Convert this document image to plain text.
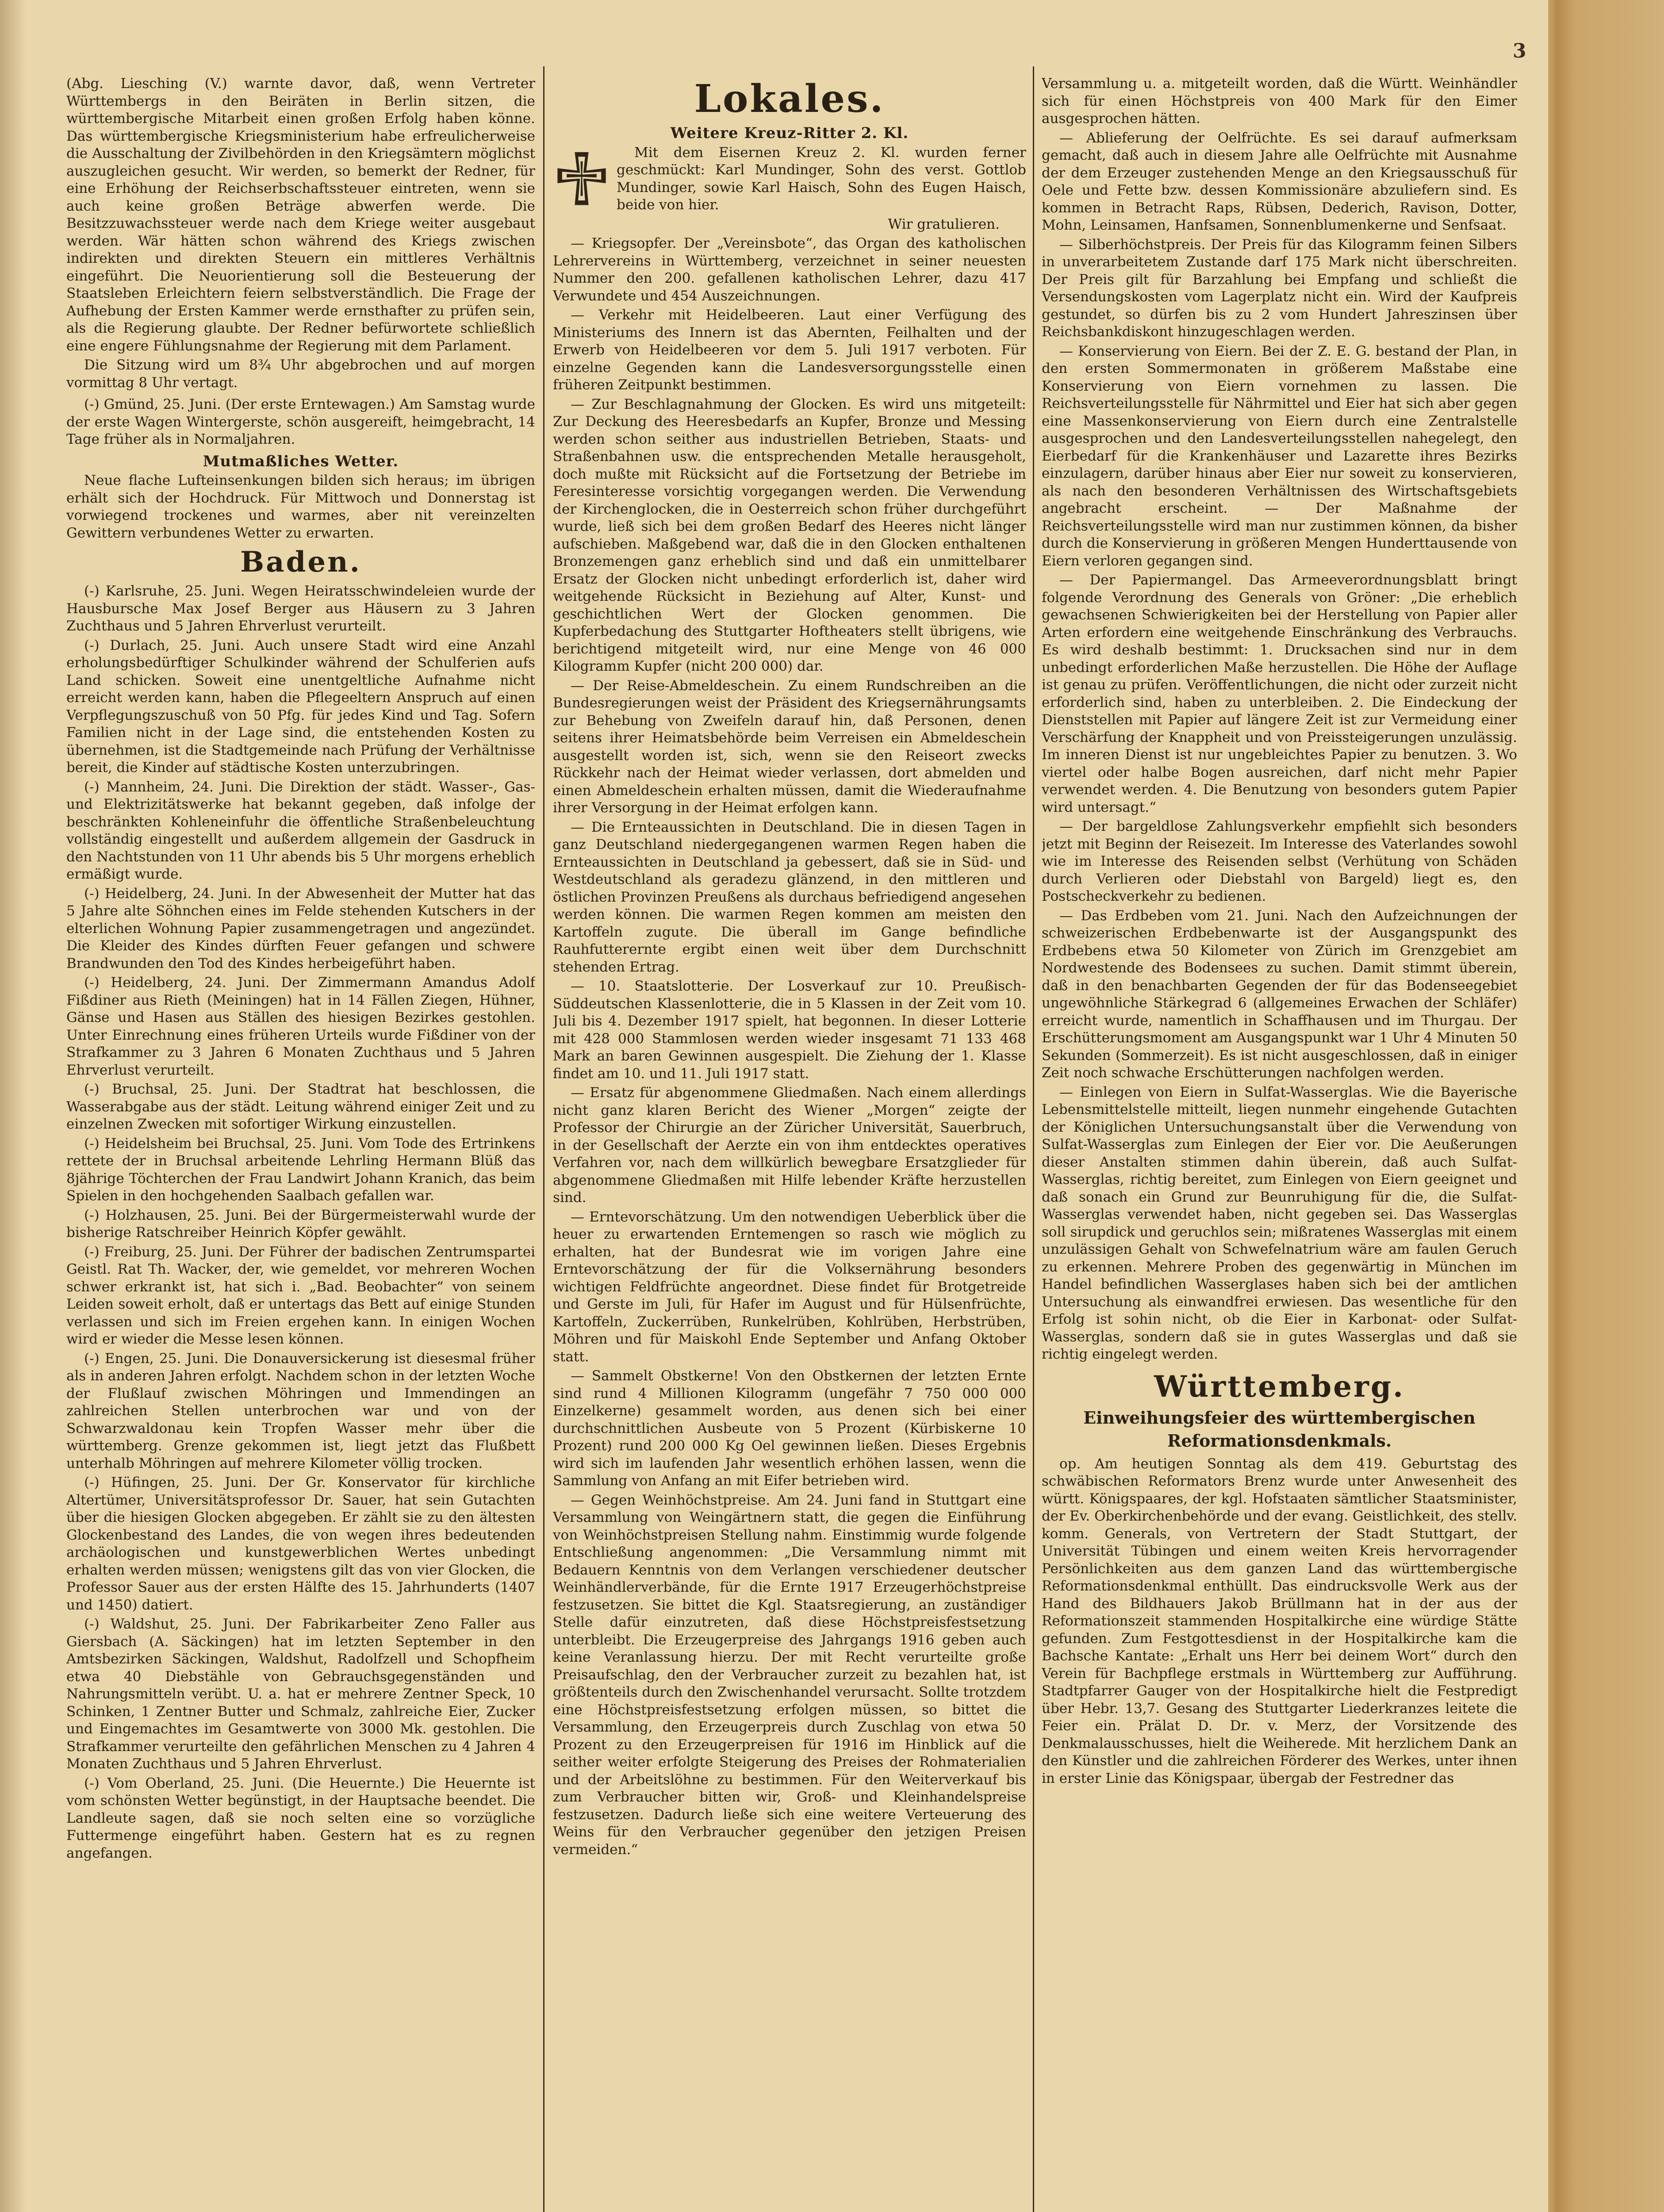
3

(Abg. Liesching (V.) warnte davor, daß, wenn Vertreter Württembergs in den Beiräten in Berlin sitzen, die württembergische Mitarbeit einen großen Erfolg haben könne. Das württembergische Kriegsministerium habe erfreulicherweise die Ausschaltung der Zivilbehörden in den Kriegsämtern möglichst auszugleichen gesucht. Wir werden, so bemerkt der Redner, für eine Erhöhung der Reichserbschaftssteuer eintreten, wenn sie auch keine großen Beträge abwerfen werde. Die Besitzzuwachssteuer werde nach dem Kriege weiter ausgebaut werden. Wär hätten schon während des Kriegs zwischen indirekten und direkten Steuern ein mittleres Verhältnis eingeführt. Die Neuorientierung soll die Besteuerung der Staatsleben Erleichtern feiern selbstverständlich. Die Frage der Aufhebung der Ersten Kammer werde ernsthafter zu prüfen sein, als die Regierung glaubte. Der Redner befürwortete schließlich eine engere Fühlungsnahme der Regierung mit dem Parlament.

Die Sitzung wird um 8¾ Uhr abgebrochen und auf morgen vormittag 8 Uhr vertagt.

(-) Gmünd, 25. Juni. (Der erste Erntewagen.) Am Samstag wurde der erste Wagen Wintergerste, schön ausgereift, heimgebracht, 14 Tage früher als in Normaljahren.

Mutmaßliches Wetter.

Neue flache Lufteinsenkungen bilden sich heraus; im übrigen erhält sich der Hochdruck. Für Mittwoch und Donnerstag ist vorwiegend trockenes und warmes, aber nit vereinzelten Gewittern verbundenes Wetter zu erwarten.

Baden.

(-) Karlsruhe, 25. Juni. Wegen Heiratsschwindeleien wurde der Hausbursche Max Josef Berger aus Häusern zu 3 Jahren Zuchthaus und 5 Jahren Ehrverlust verurteilt.

(-) Durlach, 25. Juni. Auch unsere Stadt wird eine Anzahl erholungsbedürftiger Schulkinder während der Schulferien aufs Land schicken. Soweit eine unentgeltliche Aufnahme nicht erreicht werden kann, haben die Pflegeeltern Anspruch auf einen Verpflegungszuschuß von 50 Pfg. für jedes Kind und Tag. Sofern Familien nicht in der Lage sind, die entstehenden Kosten zu übernehmen, ist die Stadtgemeinde nach Prüfung der Verhältnisse bereit, die Kinder auf städtische Kosten unterzubringen.

(-) Mannheim, 24. Juni. Die Direktion der städt. Wasser-, Gas- und Elektrizitätswerke hat bekannt gegeben, daß infolge der beschränkten Kohleneinfuhr die öffentliche Straßenbeleuchtung vollständig eingestellt und außerdem allgemein der Gasdruck in den Nachtstunden von 11 Uhr abends bis 5 Uhr morgens erheblich ermäßigt wurde.

(-) Heidelberg, 24. Juni. In der Abwesenheit der Mutter hat das 5 Jahre alte Söhnchen eines im Felde stehenden Kutschers in der elterlichen Wohnung Papier zusammengetragen und angezündet. Die Kleider des Kindes dürften Feuer gefangen und schwere Brandwunden den Tod des Kindes herbeigeführt haben.

(-) Heidelberg, 24. Juni. Der Zimmermann Amandus Adolf Fißdiner aus Rieth (Meiningen) hat in 14 Fällen Ziegen, Hühner, Gänse und Hasen aus Ställen des hiesigen Bezirkes gestohlen. Unter Einrechnung eines früheren Urteils wurde Fißdiner von der Strafkammer zu 3 Jahren 6 Monaten Zuchthaus und 5 Jahren Ehrverlust verurteilt.

(-) Bruchsal, 25. Juni. Der Stadtrat hat beschlossen, die Wasserabgabe aus der städt. Leitung während einiger Zeit und zu einzelnen Zwecken mit sofortiger Wirkung einzustellen.

(-) Heidelsheim bei Bruchsal, 25. Juni. Vom Tode des Ertrinkens rettete der in Bruchsal arbeitende Lehrling Hermann Blüß das 8jährige Töchterchen der Frau Landwirt Johann Kranich, das beim Spielen in den hochgehenden Saalbach gefallen war.

(-) Holzhausen, 25. Juni. Bei der Bürgermeisterwahl wurde der bisherige Ratschreiber Heinrich Köpfer gewählt.

(-) Freiburg, 25. Juni. Der Führer der badischen Zentrumspartei Geistl. Rat Th. Wacker, der, wie gemeldet, vor mehreren Wochen schwer erkrankt ist, hat sich i. „Bad. Beobachter“ von seinem Leiden soweit erholt, daß er untertags das Bett auf einige Stunden verlassen und sich im Freien ergehen kann. In einigen Wochen wird er wieder die Messe lesen können.

(-) Engen, 25. Juni. Die Donauversickerung ist diesesmal früher als in anderen Jahren erfolgt. Nachdem schon in der letzten Woche der Flußlauf zwischen Möhringen und Immendingen an zahlreichen Stellen unterbrochen war und von der Schwarzwaldonau kein Tropfen Wasser mehr über die württemberg. Grenze gekommen ist, liegt jetzt das Flußbett unterhalb Möhringen auf mehrere Kilometer völlig trocken.

(-) Hüfingen, 25. Juni. Der Gr. Konservator für kirchliche Altertümer, Universitätsprofessor Dr. Sauer, hat sein Gutachten über die hiesigen Glocken abgegeben. Er zählt sie zu den ältesten Glockenbestand des Landes, die von wegen ihres bedeutenden archäologischen und kunstgewerblichen Wertes unbedingt erhalten werden müssen; wenigstens gilt das von vier Glocken, die Professor Sauer aus der ersten Hälfte des 15. Jahrhunderts (1407 und 1450) datiert.

(-) Waldshut, 25. Juni. Der Fabrikarbeiter Zeno Faller aus Giersbach (A. Säckingen) hat im letzten September in den Amtsbezirken Säckingen, Waldshut, Radolfzell und Schopfheim etwa 40 Diebstähle von Gebrauchsgegenständen und Nahrungsmitteln verübt. U. a. hat er mehrere Zentner Speck, 10 Schinken, 1 Zentner Butter und Schmalz, zahlreiche Eier, Zucker und Eingemachtes im Gesamtwerte von 3000 Mk. gestohlen. Die Strafkammer verurteilte den gefährlichen Menschen zu 4 Jahren 4 Monaten Zuchthaus und 5 Jahren Ehrverlust.

(-) Vom Oberland, 25. Juni. (Die Heuernte.) Die Heuernte ist vom schönsten Wetter begünstigt, in der Hauptsache beendet. Die Landleute sagen, daß sie noch selten eine so vorzügliche Futtermenge eingeführt haben. Gestern hat es zu regnen angefangen.

Lokales.

Weitere Kreuz-Ritter 2. Kl.

Mit dem Eisernen Kreuz 2. Kl. wurden ferner geschmückt: Karl Mundinger, Sohn des verst. Gottlob Mundinger, sowie Karl Haisch, Sohn des Eugen Haisch, beide von hier.

Wir gratulieren.

— Kriegsopfer. Der „Vereinsbote“, das Organ des katholischen Lehrervereins in Württemberg, verzeichnet in seiner neuesten Nummer den 200. gefallenen katholischen Lehrer, dazu 417 Verwundete und 454 Auszeichnungen.

— Verkehr mit Heidelbeeren. Laut einer Verfügung des Ministeriums des Innern ist das Abernten, Feilhalten und der Erwerb von Heidelbeeren vor dem 5. Juli 1917 verboten. Für einzelne Gegenden kann die Landesversorgungsstelle einen früheren Zeitpunkt bestimmen.

— Zur Beschlagnahmung der Glocken. Es wird uns mitgeteilt: Zur Deckung des Heeresbedarfs an Kupfer, Bronze und Messing werden schon seither aus industriellen Betrieben, Staats- und Straßenbahnen usw. die entsprechenden Metalle herausgeholt, doch mußte mit Rücksicht auf die Fortsetzung der Betriebe im Feresinteresse vorsichtig vorgegangen werden. Die Verwendung der Kirchenglocken, die in Oesterreich schon früher durchgeführt wurde, ließ sich bei dem großen Bedarf des Heeres nicht länger aufschieben. Maßgebend war, daß die in den Glocken enthaltenen Bronzemengen ganz erheblich sind und daß ein unmittelbarer Ersatz der Glocken nicht unbedingt erforderlich ist, daher wird weitgehende Rücksicht in Beziehung auf Alter, Kunst- und geschichtlichen Wert der Glocken genommen. Die Kupferbedachung des Stuttgarter Hoftheaters stellt übrigens, wie berichtigend mitgeteilt wird, nur eine Menge von 46 000 Kilogramm Kupfer (nicht 200 000) dar.

— Der Reise-Abmeldeschein. Zu einem Rundschreiben an die Bundesregierungen weist der Präsident des Kriegsernährungsamts zur Behebung von Zweifeln darauf hin, daß Personen, denen seitens ihrer Heimatsbehörde beim Verreisen ein Abmeldeschein ausgestellt worden ist, sich, wenn sie den Reiseort zwecks Rückkehr nach der Heimat wieder verlassen, dort abmelden und einen Abmeldeschein erhalten müssen, damit die Wiederaufnahme ihrer Versorgung in der Heimat erfolgen kann.

— Die Ernteaussichten in Deutschland. Die in diesen Tagen in ganz Deutschland niedergegangenen warmen Regen haben die Ernteaussichten in Deutschland ja gebessert, daß sie in Süd- und Westdeutschland als geradezu glänzend, in den mittleren und östlichen Provinzen Preußens als durchaus befriedigend angesehen werden können. Die warmen Regen kommen am meisten den Kartoffeln zugute. Die überall im Gange befindliche Rauhfutterernte ergibt einen weit über dem Durchschnitt stehenden Ertrag.

— 10. Staatslotterie. Der Losverkauf zur 10. Preußisch-Süddeutschen Klassenlotterie, die in 5 Klassen in der Zeit vom 10. Juli bis 4. Dezember 1917 spielt, hat begonnen. In dieser Lotterie mit 428 000 Stammlosen werden wieder insgesamt 71 133 468 Mark an baren Gewinnen ausgespielt. Die Ziehung der 1. Klasse findet am 10. und 11. Juli 1917 statt.

— Ersatz für abgenommene Gliedmaßen. Nach einem allerdings nicht ganz klaren Bericht des Wiener „Morgen“ zeigte der Professor der Chirurgie an der Züricher Universität, Sauerbruch, in der Gesellschaft der Aerzte ein von ihm entdecktes operatives Verfahren vor, nach dem willkürlich bewegbare Ersatzglieder für abgenommene Gliedmaßen mit Hilfe lebender Kräfte herzustellen sind.

— Erntevorschätzung. Um den notwendigen Ueberblick über die heuer zu erwartenden Erntemengen so rasch wie möglich zu erhalten, hat der Bundesrat wie im vorigen Jahre eine Erntevorschätzung der für die Volksernährung besonders wichtigen Feldfrüchte angeordnet. Diese findet für Brotgetreide und Gerste im Juli, für Hafer im August und für Hülsenfrüchte, Kartoffeln, Zuckerrüben, Runkelrüben, Kohlrüben, Herbstrüben, Möhren und für Maiskohl Ende September und Anfang Oktober statt.

— Sammelt Obstkerne! Von den Obstkernen der letzten Ernte sind rund 4 Millionen Kilogramm (ungefähr 7 750 000 000 Einzelkerne) gesammelt worden, aus denen sich bei einer durchschnittlichen Ausbeute von 5 Prozent (Kürbiskerne 10 Prozent) rund 200 000 Kg Oel gewinnen ließen. Dieses Ergebnis wird sich im laufenden Jahr wesentlich erhöhen lassen, wenn die Sammlung von Anfang an mit Eifer betrieben wird.

— Gegen Weinhöchstpreise. Am 24. Juni fand in Stuttgart eine Versammlung von Weingärtnern statt, die gegen die Einführung von Weinhöchstpreisen Stellung nahm. Einstimmig wurde folgende Entschließung angenommen: „Die Versammlung nimmt mit Bedauern Kenntnis von dem Verlangen verschiedener deutscher Weinhändlerverbände, für die Ernte 1917 Erzeugerhöchstpreise festzusetzen. Sie bittet die Kgl. Staatsregierung, an zuständiger Stelle dafür einzutreten, daß diese Höchstpreisfestsetzung unterbleibt. Die Erzeugerpreise des Jahrgangs 1916 geben auch keine Veranlassung hierzu. Der mit Recht verurteilte große Preisaufschlag, den der Verbraucher zurzeit zu bezahlen hat, ist größtenteils durch den Zwischenhandel verursacht. Sollte trotzdem eine Höchstpreisfestsetzung erfolgen müssen, so bittet die Versammlung, den Erzeugerpreis durch Zuschlag von etwa 50 Prozent zu den Erzeugerpreisen für 1916 im Hinblick auf die seither weiter erfolgte Steigerung des Preises der Rohmaterialien und der Arbeitslöhne zu bestimmen. Für den Weiterverkauf bis zum Verbraucher bitten wir, Groß- und Kleinhandelspreise festzusetzen. Dadurch ließe sich eine weitere Verteuerung des Weins für den Verbraucher gegenüber den jetzigen Preisen vermeiden.“

Versammlung u. a. mitgeteilt worden, daß die Württ. Weinhändler sich für einen Höchstpreis von 400 Mark für den Eimer ausgesprochen hätten.

— Ablieferung der Oelfrüchte. Es sei darauf aufmerksam gemacht, daß auch in diesem Jahre alle Oelfrüchte mit Ausnahme der dem Erzeuger zustehenden Menge an den Kriegsausschuß für Oele und Fette bzw. dessen Kommissionäre abzuliefern sind. Es kommen in Betracht Raps, Rübsen, Dederich, Ravison, Dotter, Mohn, Leinsamen, Hanfsamen, Sonnenblumenkerne und Senfsaat.

— Silberhöchstpreis. Der Preis für das Kilogramm feinen Silbers in unverarbeitetem Zustande darf 175 Mark nicht überschreiten. Der Preis gilt für Barzahlung bei Empfang und schließt die Versendungskosten vom Lagerplatz nicht ein. Wird der Kaufpreis gestundet, so dürfen bis zu 2 vom Hundert Jahreszinsen über Reichsbankdiskont hinzugeschlagen werden.

— Konservierung von Eiern. Bei der Z. E. G. bestand der Plan, in den ersten Sommermonaten in größerem Maßstabe eine Konservierung von Eiern vornehmen zu lassen. Die Reichsverteilungsstelle für Nährmittel und Eier hat sich aber gegen eine Massenkonservierung von Eiern durch eine Zentralstelle ausgesprochen und den Landesverteilungsstellen nahegelegt, den Eierbedarf für die Krankenhäuser und Lazarette ihres Bezirks einzulagern, darüber hinaus aber Eier nur soweit zu konservieren, als nach den besonderen Verhältnissen des Wirtschaftsgebiets angebracht erscheint. — Der Maßnahme der Reichsverteilungsstelle wird man nur zustimmen können, da bisher durch die Konservierung in größeren Mengen Hunderttausende von Eiern verloren gegangen sind.

— Der Papiermangel. Das Armeeverordnungsblatt bringt folgende Verordnung des Generals von Gröner: „Die erheblich gewachsenen Schwierigkeiten bei der Herstellung von Papier aller Arten erfordern eine weitgehende Einschränkung des Verbrauchs. Es wird deshalb bestimmt: 1. Drucksachen sind nur in dem unbedingt erforderlichen Maße herzustellen. Die Höhe der Auflage ist genau zu prüfen. Veröffentlichungen, die nicht oder zurzeit nicht erforderlich sind, haben zu unterbleiben. 2. Die Eindeckung der Dienststellen mit Papier auf längere Zeit ist zur Vermeidung einer Verschärfung der Knappheit und von Preissteigerungen unzulässig. Im inneren Dienst ist nur ungebleichtes Papier zu benutzen. 3. Wo viertel oder halbe Bogen ausreichen, darf nicht mehr Papier verwendet werden. 4. Die Benutzung von besonders gutem Papier wird untersagt.“

— Der bargeldlose Zahlungsverkehr empfiehlt sich besonders jetzt mit Beginn der Reisezeit. Im Interesse des Vaterlandes sowohl wie im Interesse des Reisenden selbst (Verhütung von Schäden durch Verlieren oder Diebstahl von Bargeld) liegt es, den Postscheckverkehr zu bedienen.

— Das Erdbeben vom 21. Juni. Nach den Aufzeichnungen der schweizerischen Erdbebenwarte ist der Ausgangspunkt des Erdbebens etwa 50 Kilometer von Zürich im Grenzgebiet am Nordwestende des Bodensees zu suchen. Damit stimmt überein, daß in den benachbarten Gegenden der für das Bodenseegebiet ungewöhnliche Stärkegrad 6 (allgemeines Erwachen der Schläfer) erreicht wurde, namentlich in Schaffhausen und im Thurgau. Der Erschütterungsmoment am Ausgangspunkt war 1 Uhr 4 Minuten 50 Sekunden (Sommerzeit). Es ist nicht ausgeschlossen, daß in einiger Zeit noch schwache Erschütterungen nachfolgen werden.

— Einlegen von Eiern in Sulfat-Wasserglas. Wie die Bayerische Lebensmittelstelle mitteilt, liegen nunmehr eingehende Gutachten der Königlichen Untersuchungsanstalt über die Verwendung von Sulfat-Wasserglas zum Einlegen der Eier vor. Die Aeußerungen dieser Anstalten stimmen dahin überein, daß auch Sulfat-Wasserglas, richtig bereitet, zum Einlegen von Eiern geeignet und daß sonach ein Grund zur Beunruhigung für die, die Sulfat-Wasserglas verwendet haben, nicht gegeben sei. Das Wasserglas soll sirupdick und geruchlos sein; mißratenes Wasserglas mit einem unzulässigen Gehalt von Schwefelnatrium wäre am faulen Geruch zu erkennen. Mehrere Proben des gegenwärtig in München im Handel befindlichen Wasserglases haben sich bei der amtlichen Untersuchung als einwandfrei erwiesen. Das wesentliche für den Erfolg ist sohin nicht, ob die Eier in Karbonat- oder Sulfat-Wasserglas, sondern daß sie in gutes Wasserglas und daß sie richtig eingelegt werden.

Württemberg.

Einweihungsfeier des württembergischen

Reformationsdenkmals.

op. Am heutigen Sonntag als dem 419. Geburtstag des schwäbischen Reformators Brenz wurde unter Anwesenheit des württ. Königspaares, der kgl. Hofstaaten sämtlicher Staatsminister, der Ev. Oberkirchenbehörde und der evang. Geistlichkeit, des stellv. komm. Generals, von Vertretern der Stadt Stuttgart, der Universität Tübingen und einem weiten Kreis hervorragender Persönlichkeiten aus dem ganzen Land das württembergische Reformationsdenkmal enthüllt. Das eindrucksvolle Werk aus der Hand des Bildhauers Jakob Brüllmann hat in der aus der Reformationszeit stammenden Hospitalkirche eine würdige Stätte gefunden. Zum Festgottesdienst in der Hospitalkirche kam die Bachsche Kantate: „Erhalt uns Herr bei deinem Wort“ durch den Verein für Bachpflege erstmals in Württemberg zur Aufführung. Stadtpfarrer Gauger von der Hospitalkirche hielt die Festpredigt über Hebr. 13,7. Gesang des Stuttgarter Liederkranzes leitete die Feier ein. Prälat D. Dr. v. Merz, der Vorsitzende des Denkmalausschusses, hielt die Weiherede. Mit herzlichem Dank an den Künstler und die zahlreichen Förderer des Werkes, unter ihnen in erster Linie das Königspaar, übergab der Festredner das
